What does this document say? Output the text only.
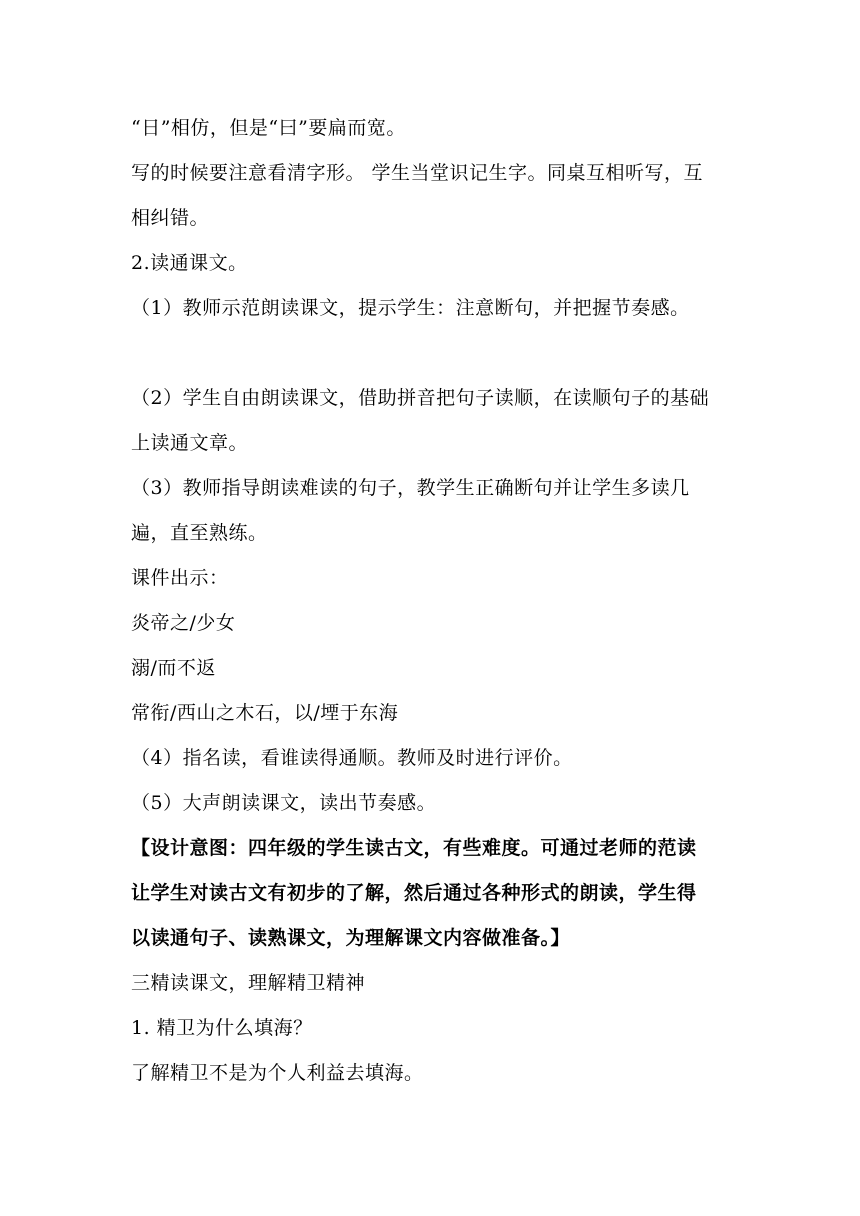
“日”相仿，但是“曰”要扁而宽。
写的时候要注意看清字形。 学生当堂识记生字。同桌互相听写，互
相纠错。
2.读通课文。
（1）教师示范朗读课文，提示学生：注意断句，并把握节奏感。
（2）学生自由朗读课文，借助拼音把句子读顺，在读顺句子的基础
上读通文章。
（3）教师指导朗读难读的句子，教学生正确断句并让学生多读几
遍，直至熟练。
课件出示：
炎帝之/少女
溺/而不返
常衔/西山之木石，以/堙于东海
（4）指名读，看谁读得通顺。教师及时进行评价。
（5）大声朗读课文，读出节奏感。
【设计意图：四年级的学生读古文，有些难度。可通过老师的范读
让学生对读古文有初步的了解，然后通过各种形式的朗读，学生得
以读通句子、读熟课文，为理解课文内容做准备。】
三精读课文，理解精卫精神
1. 精卫为什么填海？
了解精卫不是为个人利益去填海。
